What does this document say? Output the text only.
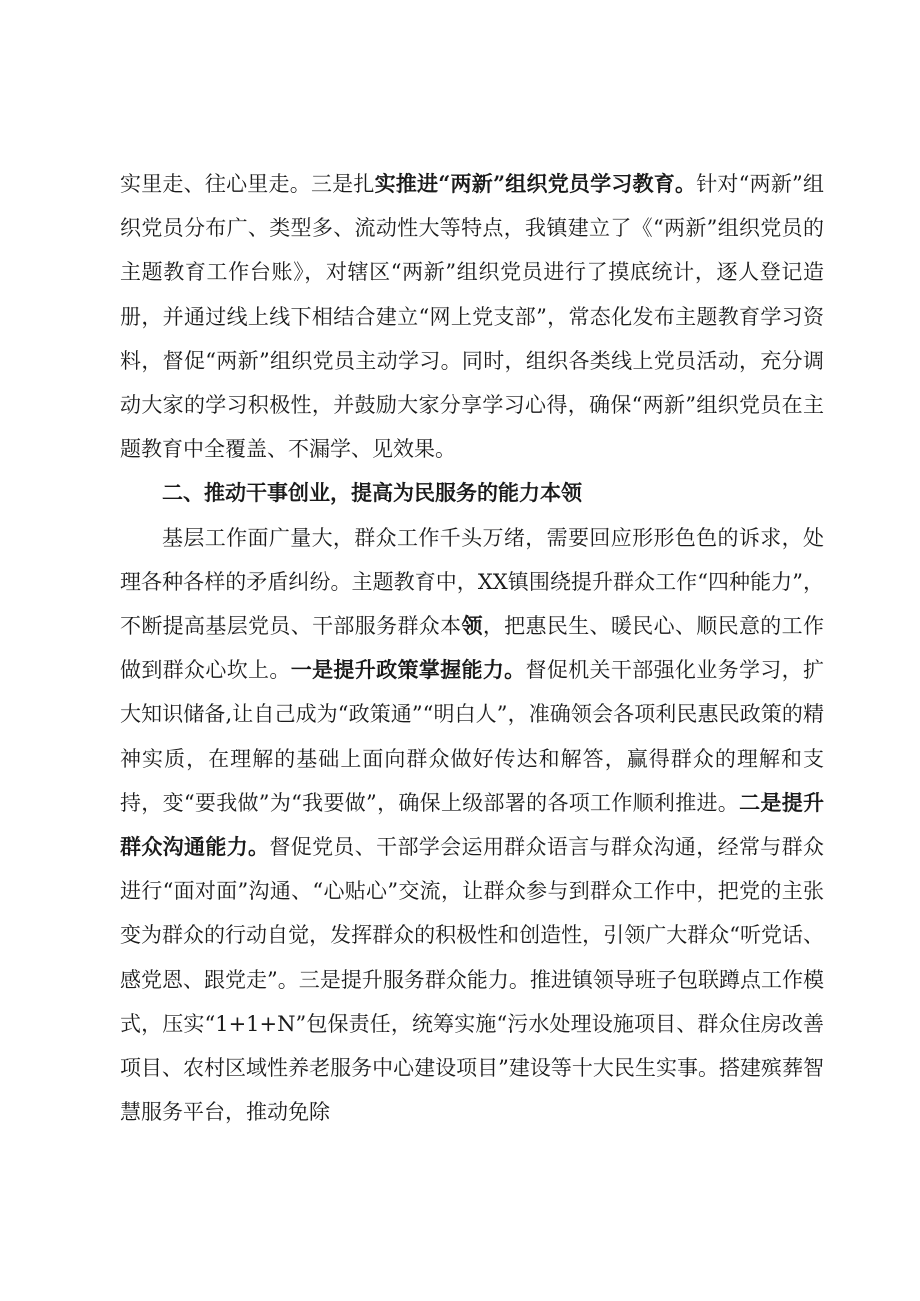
实里走、往心里走。三是扎实推进“两新”组织党员学习教育。针对“两新”组织党员分布广、类型多、流动性大等特点，我镇建立了《“两新”组织党员的主题教育工作台账》，对辖区“两新”组织党员进行了摸底统计，逐人登记造册，并通过线上线下相结合建立“网上党支部”，常态化发布主题教育学习资料，督促“两新”组织党员主动学习。同时，组织各类线上党员活动，充分调动大家的学习积极性，并鼓励大家分享学习心得，确保“两新”组织党员在主题教育中全覆盖、不漏学、见效果。

二、推动干事创业，提高为民服务的能力本领

基层工作面广量大，群众工作千头万绪，需要回应形形色色的诉求，处理各种各样的矛盾纠纷。主题教育中，XX镇围绕提升群众工作“四种能力”，不断提高基层党员、干部服务群众本领，把惠民生、暖民心、顺民意的工作做到群众心坎上。一是提升政策掌握能力。督促机关干部强化业务学习，扩大知识储备,让自己成为“政策通”“明白人”，准确领会各项利民惠民政策的精神实质，在理解的基础上面向群众做好传达和解答，赢得群众的理解和支持，变“要我做”为“我要做”，确保上级部署的各项工作顺利推进。二是提升群众沟通能力。督促党员、干部学会运用群众语言与群众沟通，经常与群众进行“面对面”沟通、“心贴心”交流，让群众参与到群众工作中，把党的主张变为群众的行动自觉，发挥群众的积极性和创造性，引领广大群众“听党话、感党恩、跟党走”。三是提升服务群众能力。推进镇领导班子包联蹲点工作模式，压实“1+1+N”包保责任，统筹实施“污水处理设施项目、群众住房改善项目、农村区域性养老服务中心建设项目”建设等十大民生实事。搭建殡葬智慧服务平台，推动免除
